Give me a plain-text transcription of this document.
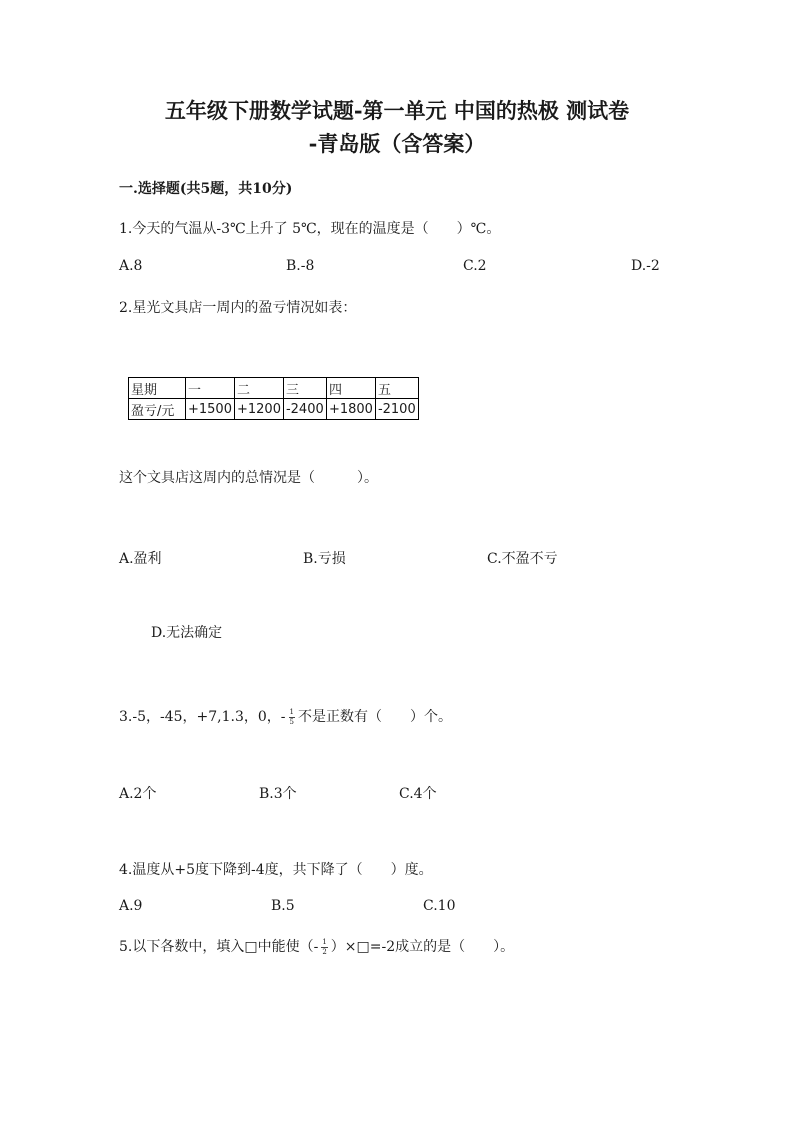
五年级下册数学试题-第一单元 中国的热极 测试卷
-青岛版（含答案）
一.选择题(共5题，共10分)
1.今天的气温从-3℃上升了 5℃，现在的温度是（　　）℃。
A.8	B.-8	C.2	D.-2
2.星光文具店一周内的盈亏情况如表：
星期	一	二	三	四	五
盈亏/元	+1500	+1200	-2400	+1800	-2100
这个文具店这周内的总情况是（　　　）。
A.盈利	B.亏损	C.不盈不亏
D.无法确定
3.-5，-45，+7,1.3，0，- $\frac{1}{5}$ 不是正数有（　　）个。
A.2个	B.3个	C.4个
4.温度从+5度下降到-4度，共下降了（　　）度。
A.9	B.5	C.10
5.以下各数中，填入□中能使（- $\frac{1}{2}$ ）×□=-2成立的是（　　）。
